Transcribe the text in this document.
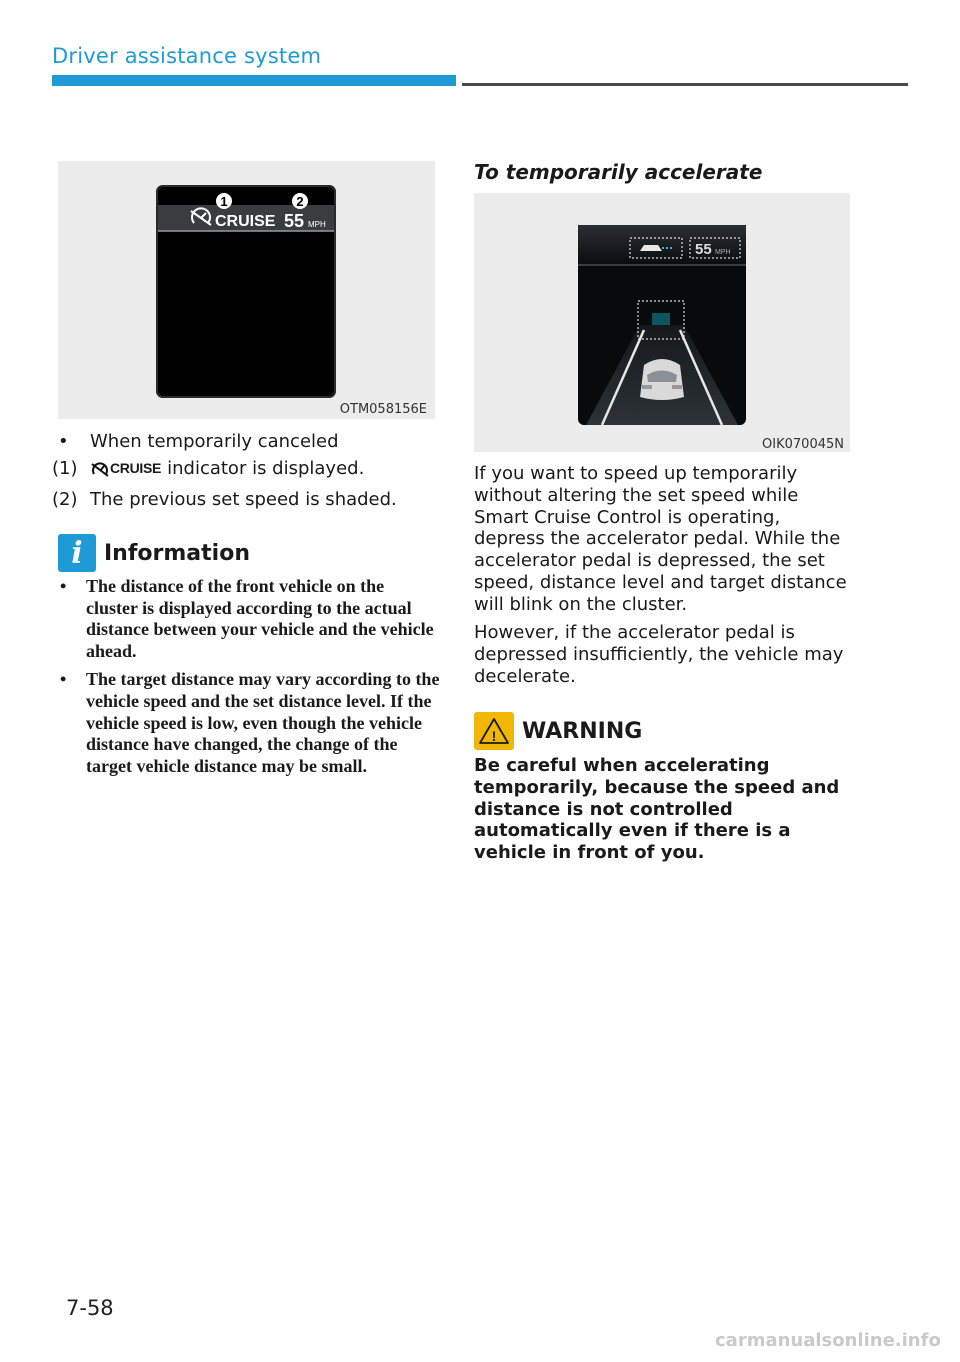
Driver assistance system
CRUISE 55 MPH
1	2
OTM058156E
•	When temporarily canceled
(1)	CRUISE indicator is displayed.
(2) The previous set speed is shaded.
i Information
•	The distance of the front vehicle on the cluster is displayed according to the actual distance between your vehicle and the vehicle ahead.
•	The target distance may vary according to the vehicle speed and the set distance level. If the vehicle speed is low, even though the vehicle distance have changed, the change of the target vehicle distance may be small.
To temporarily accelerate
55 MPH
OIK070045N
If you want to speed up temporarily without altering the set speed while Smart Cruise Control is operating, depress the accelerator pedal. While the accelerator pedal is depressed, the set speed, distance level and target distance will blink on the cluster.
However, if the accelerator pedal is depressed insufficiently, the vehicle may decelerate.
! WARNING
Be careful when accelerating temporarily, because the speed and distance is not controlled automatically even if there is a vehicle in front of you.
7-58
carmanualsonline.info
